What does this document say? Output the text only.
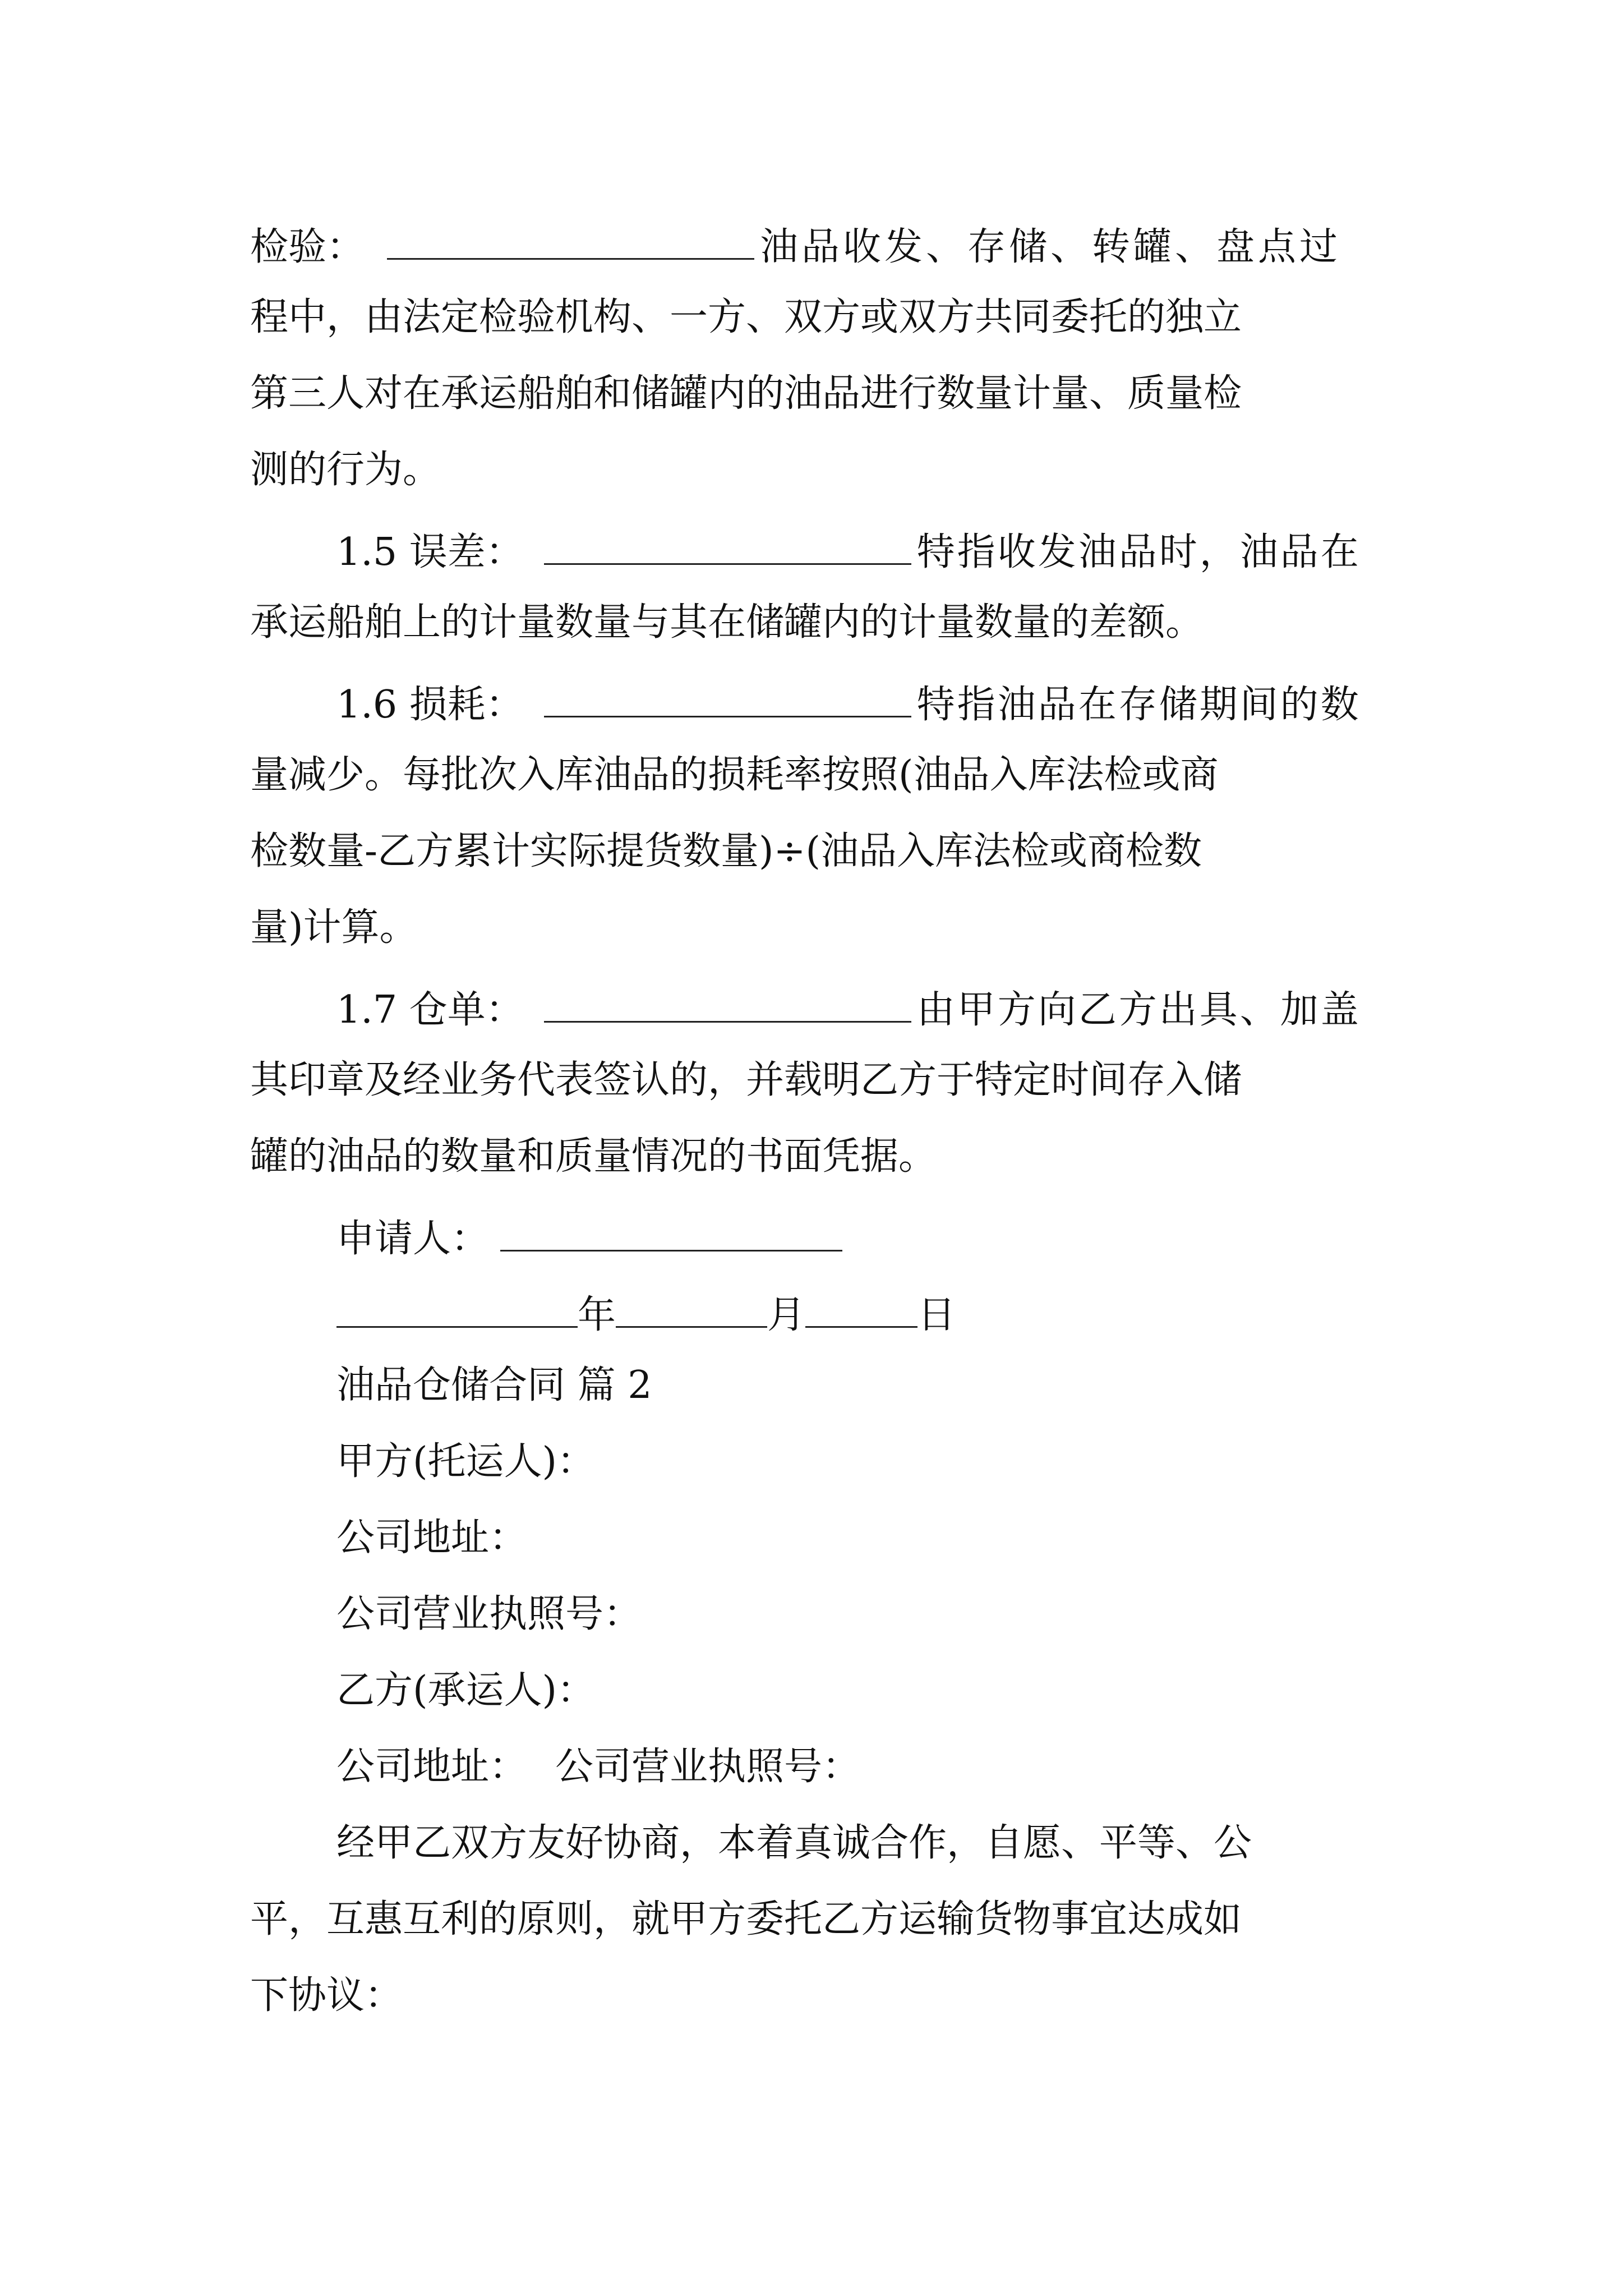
检验：	油品收发、存储、转罐、盘点过
程中，由法定检验机构、一方、双方或双方共同委托的独立
第三人对在承运船舶和储罐内的油品进行数量计量、质量检
测的行为。
1.5 误差：	特指收发油品时，油品在
承运船舶上的计量数量与其在储罐内的计量数量的差额。
1.6 损耗：	特指油品在存储期间的数
量减少。每批次入库油品的损耗率按照(油品入库法检或商
检数量-乙方累计实际提货数量)÷(油品入库法检或商检数
量)计算。
1.7 仓单：	由甲方向乙方出具、加盖
其印章及经业务代表签认的，并载明乙方于特定时间存入储
罐的油品的数量和质量情况的书面凭据。
申请人：
年	月	日
油品仓储合同 篇 2
甲方(托运人)：
公司地址：
公司营业执照号：
乙方(承运人)：
公司地址： 公司营业执照号：
经甲乙双方友好协商，本着真诚合作，自愿、平等、公
平，互惠互利的原则，就甲方委托乙方运输货物事宜达成如
下协议：
